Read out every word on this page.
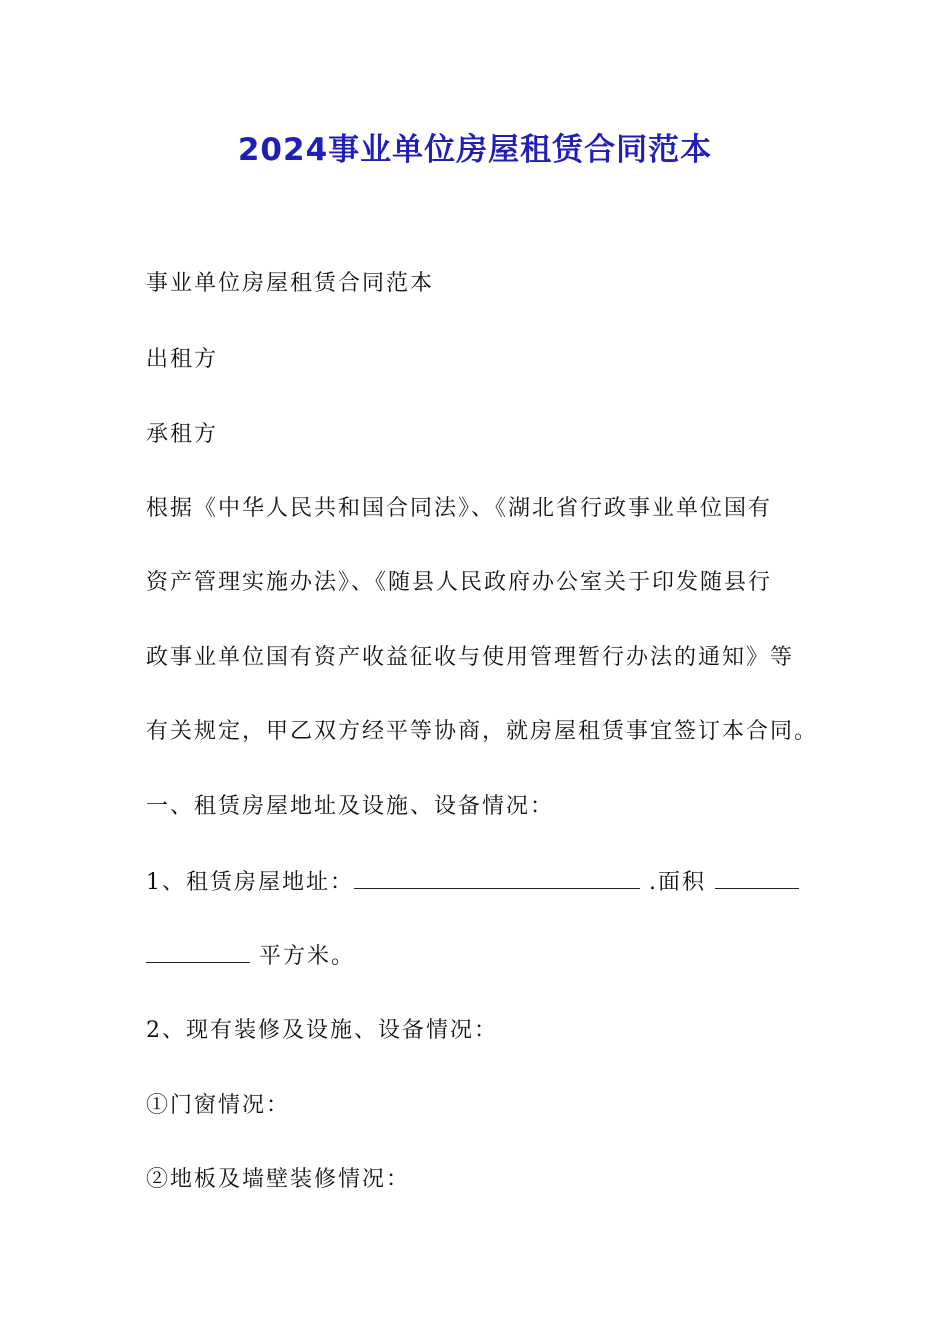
2024事业单位房屋租赁合同范本
事业单位房屋租赁合同范本
出租方
承租方
根据《中华人民共和国合同法》、《湖北省行政事业单位国有
资产管理实施办法》、《随县人民政府办公室关于印发随县行
政事业单位国有资产收益征收与使用管理暂行办法的通知》等
有关规定，甲乙双方经平等协商，就房屋租赁事宜签订本合同。
一、租赁房屋地址及设施、设备情况：
1、租赁房屋地址：	.面积
平方米。
2、现有装修及设施、设备情况：
①门窗情况：
②地板及墙壁装修情况：
